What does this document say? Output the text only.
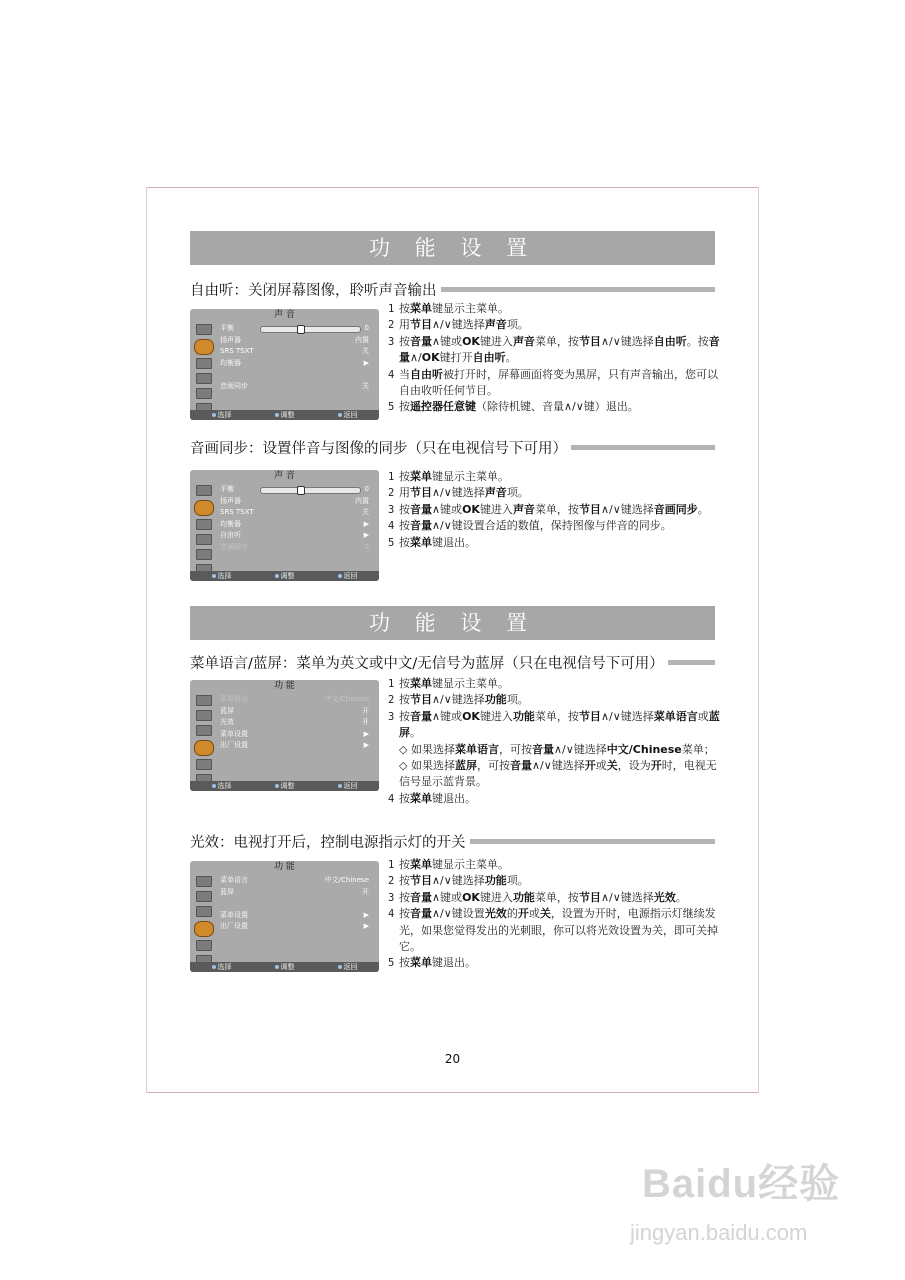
功 能 设 置
功 能 设 置
自由听：关闭屏幕图像，聆听声音输出
声 音
平衡	0
扬声器	内置
SRS TSXT	关
均衡器	▶
音画同步	关
选择	调整	返回
1 按菜单键显示主菜单。
2 用节目∧/∨键选择声音项。
3 按音量∧键或OK键进入声音菜单，按节目∧/∨键选择自由听。按音量∧/OK键打开自由听。
4 当自由听被打开时，屏幕画面将变为黑屏，只有声音输出，您可以自由收听任何节目。
5 按遥控器任意键（除待机键、音量∧/∨键）退出。
音画同步：设置伴音与图像的同步（只在电视信号下可用）
声 音
平衡	0
扬声器	内置
SRS TSXT	关
均衡器	▶
自由听	▶
音画同步	0
选择	调整	返回
1 按菜单键显示主菜单。
2 用节目∧/∨键选择声音项。
3 按音量∧键或OK键进入声音菜单，按节目∧/∨键选择音画同步。
4 按音量∧/∨键设置合适的数值，保持图像与伴音的同步。
5 按菜单键退出。
菜单语言/蓝屏：菜单为英文或中文/无信号为蓝屏（只在电视信号下可用）
功 能
菜单语言	中文/Chinese
蓝屏	开
光效	开
菜单设置	▶
出厂设置	▶
选择	调整	返回
1 按菜单键显示主菜单。
2 按节目∧/∨键选择功能项。
3 按音量∧键或OK键进入功能菜单，按节目∧/∨键选择菜单语言或蓝屏。
◇ 如果选择菜单语言，可按音量∧/∨键选择中文/Chinese菜单；
◇ 如果选择蓝屏，可按音量∧/∨键选择开或关，设为开时，电视无信号显示蓝背景。
4 按菜单键退出。
光效：电视打开后，控制电源指示灯的开关
功 能
菜单语言	中文/Chinese
蓝屏	开
菜单设置	▶
出厂设置	▶
选择	调整	返回
1 按菜单键显示主菜单。
2 按节目∧/∨键选择功能项。
3 按音量∧键或OK键进入功能菜单，按节目∧/∨键选择光效。
4 按音量∧/∨键设置光效的开或关，设置为开时，电源指示灯继续发光，如果您觉得发出的光刺眼，你可以将光效设置为关，即可关掉它。
5 按菜单键退出。
20
Baidu经验
jingyan.baidu.com
